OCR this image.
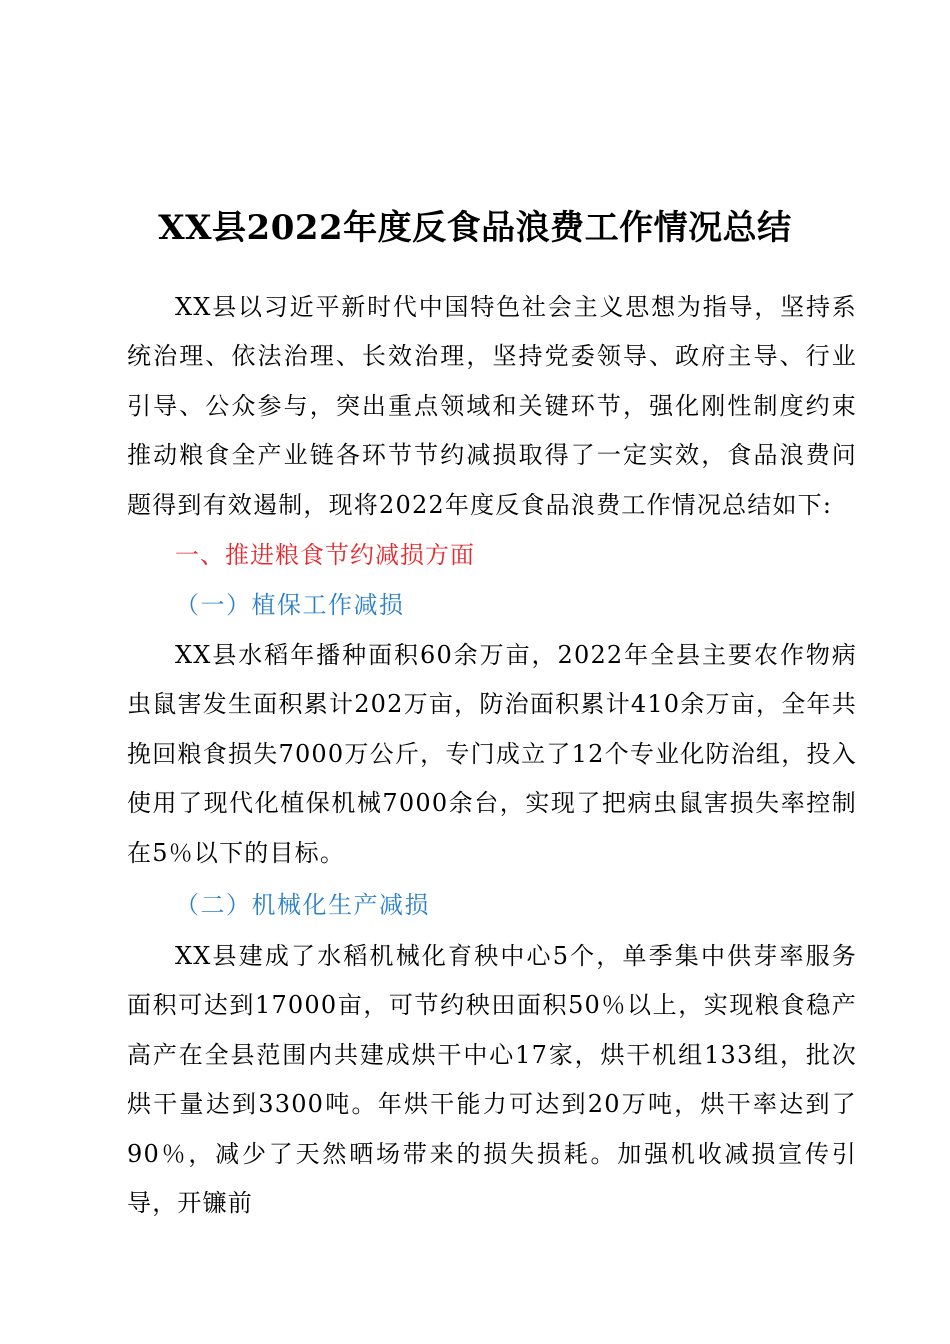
XX县2022年度反食品浪费工作情况总结

XX县以习近平新时代中国特色社会主义思想为指导，坚持系统治理、依法治理、长效治理，坚持党委领导、政府主导、行业引导、公众参与，突出重点领域和关键环节，强化刚性制度约束推动粮食全产业链各环节节约减损取得了一定实效，食品浪费问题得到有效遏制，现将2022年度反食品浪费工作情况总结如下:

一、推进粮食节约减损方面

（一）植保工作减损

XX县水稻年播种面积60余万亩，2022年全县主要农作物病虫鼠害发生面积累计202万亩，防治面积累计410余万亩，全年共挽回粮食损失7000万公斤，专门成立了12个专业化防治组，投入使用了现代化植保机械7000余台，实现了把病虫鼠害损失率控制在5％以下的目标。

（二）机械化生产减损

XX县建成了水稻机械化育秧中心5个，单季集中供芽率服务面积可达到17000亩，可节约秧田面积50％以上，实现粮食稳产高产在全县范围内共建成烘干中心17家，烘干机组133组，批次烘干量达到3300吨。年烘干能力可达到20万吨，烘干率达到了90％，减少了天然晒场带来的损失损耗。加强机收减损宣传引导，开镰前
